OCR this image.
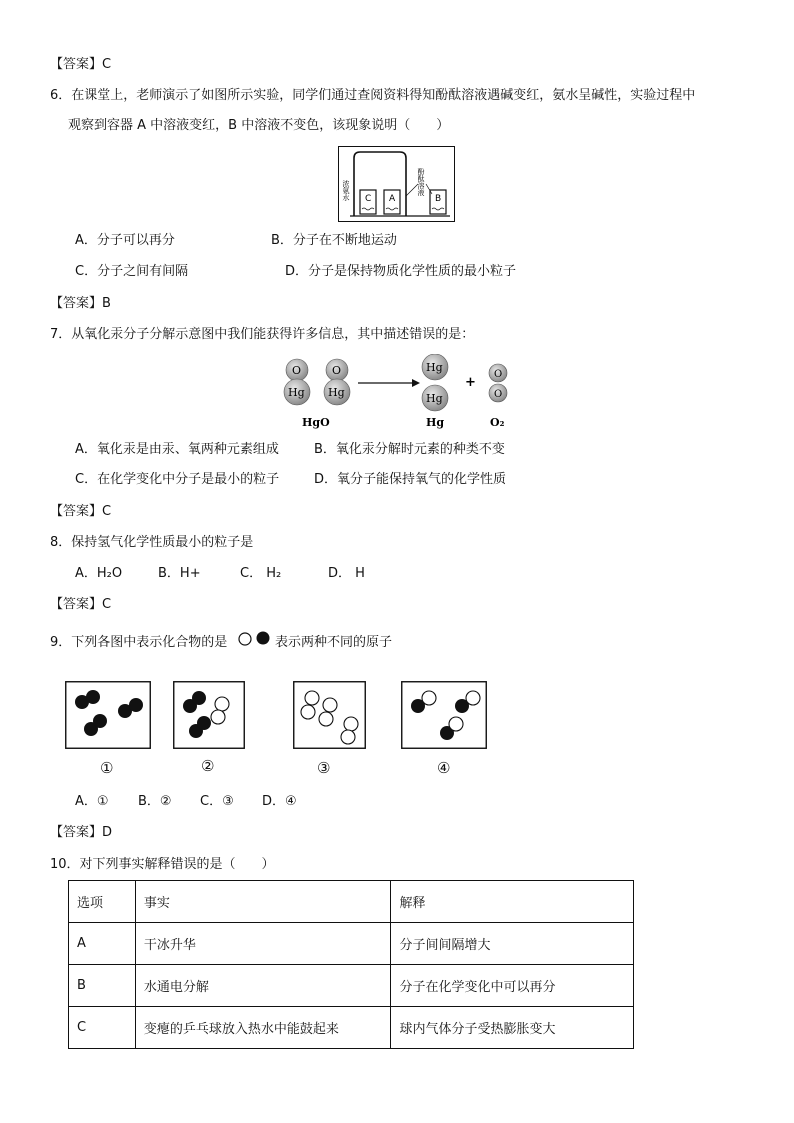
【答案】C
6．在课堂上，老师演示了如图所示实验，同学们通过查阅资料得知酚酞溶液遇碱变红，氨水呈碱性，实验过程中
观察到容器 A 中溶液变红，B 中溶液不变色，该现象说明（　　）
C A	B
浓氨水	酚酞溶液
A．分子可以再分	B．分子在不断地运动
C．分子之间有间隔	D．分子是保持物质化学性质的最小粒子
【答案】B
7．从氧化汞分子分解示意图中我们能获得许多信息，其中描述错误的是：
O
Hg
O
Hg
HgO
Hg
Hg
Hg
+
O
O
O₂
A．氧化汞是由汞、氧两种元素组成	B．氧化汞分解时元素的种类不变
C．在化学变化中分子是最小的粒子	D．氧分子能保持氧气的化学性质
【答案】C
8．保持氢气化学性质最小的粒子是
A．H₂O	B．H+	C． H₂	D． H
【答案】C
9．下列各图中表示化合物的是	表示两种不同的原子
①	②	③	④
A．① B．② C．③ D．④
【答案】D
10．对下列事实解释错误的是（　　）
选项	事实	解释
A	干冰升华	分子间间隔增大
B	水通电分解	分子在化学变化中可以再分
C	变瘪的乒乓球放入热水中能鼓起来	球内气体分子受热膨胀变大
